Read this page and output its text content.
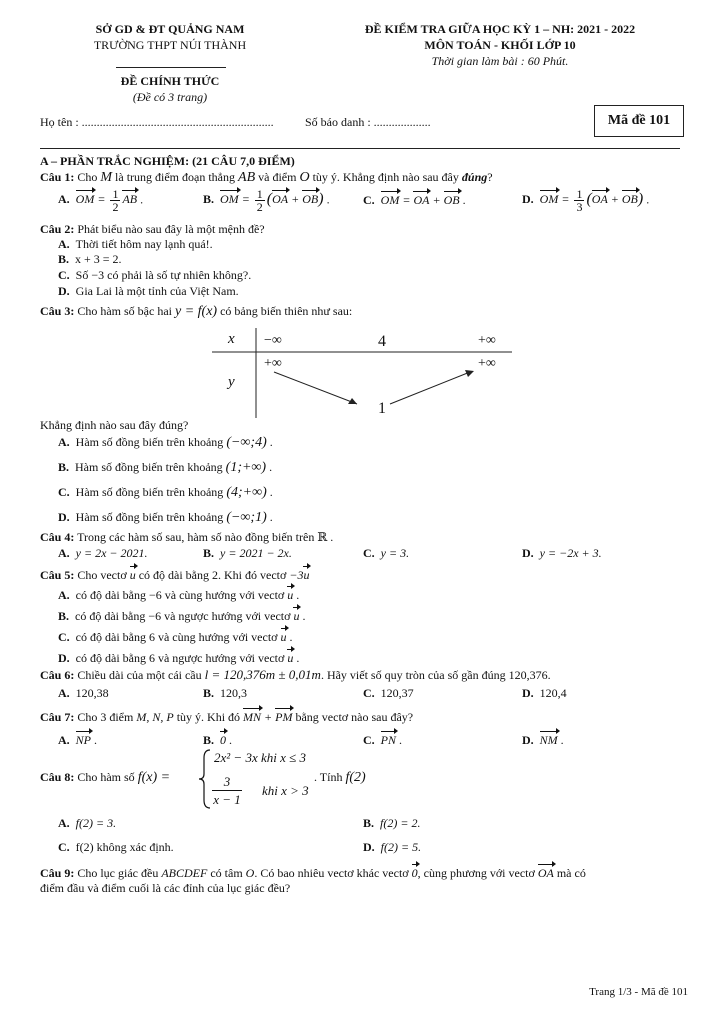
SỞ GD & ĐT QUẢNG NAM
TRƯỜNG THPT NÚI THÀNH
ĐỀ KIỂM TRA GIỮA HỌC KỲ 1 – NH: 2021 - 2022
MÔN TOÁN - KHỐI LỚP 10
Thời gian làm bài : 60 Phút.
ĐỀ CHÍNH THỨC
(Đề có 3 trang)
Họ tên : ................................................................	Số báo danh : ...................	Mã đề 101
A – PHẦN TRẮC NGHIỆM: (21 CÂU 7,0 ĐIỂM)
Câu 1: Cho M là trung điểm đoạn thẳng AB và điểm O tùy ý. Khẳng định nào sau đây đúng?
A. OM = $\frac{1}{2}$ AB .	B. OM = $\frac{1}{2} (OA + OB)$ .	C. OM = OA + OB .	D. OM = $\frac{1}{3} (OA + OB)$ .
Câu 2: Phát biểu nào sau đây là một mệnh đề?
A. Thời tiết hôm nay lạnh quá!.
B. x + 3 = 2.
C. Số −3 có phải là số tự nhiên không?.
D. Gia Lai là một tỉnh của Việt Nam.
Câu 3: Cho hàm số bậc hai y = f(x) có bảng biến thiên như sau:
x
y
−∞	4	+∞
+∞	+∞
1
Khẳng định nào sau đây đúng?
A. Hàm số đồng biến trên khoảng (−∞;4) .
B. Hàm số đồng biến trên khoảng (1;+∞) .
C. Hàm số đồng biến trên khoảng (4;+∞) .
D. Hàm số đồng biến trên khoảng (−∞;1) .
Câu 4: Trong các hàm số sau, hàm số nào đồng biến trên ℝ .
A. y = 2x − 2021.	B. y = 2021 − 2x.	C. y = 3.	D. y = −2x + 3.
Câu 5: Cho vectơ u có độ dài bằng 2. Khi đó vectơ −3u
A. có độ dài bằng −6 và cùng hướng với vectơ u .
B. có độ dài bằng −6 và ngược hướng với vectơ u .
C. có độ dài bằng 6 và cùng hướng với vectơ u .
D. có độ dài bằng 6 và ngược hướng với vectơ u .
Câu 6: Chiều dài của một cái cầu l = 120,376m ± 0,01m. Hãy viết số quy tròn của số gần đúng 120,376.
A. 120,38	B. 120,3	C. 120,37	D. 120,4
Câu 7: Cho 3 điểm M, N, P tùy ý. Khi đó MN + PM bằng vectơ nào sau đây?
A. NP .	B. 0 .	C. PN .	D. NM .
Câu 8: Cho hàm số f(x) =
2x² − 3x khi x ≤ 3
3
x − 1
khi x > 3
. Tính f(2)
A. f(2) = 3.	B. f(2) = 2.
C. f(2) không xác định.	D. f(2) = 5.
Câu 9: Cho lục giác đều ABCDEF có tâm O. Có bao nhiêu vectơ khác vectơ 0, cùng phương với vectơ OA mà có
điểm đầu và điểm cuối là các đỉnh của lục giác đều?
Trang 1/3 - Mã đề 101
